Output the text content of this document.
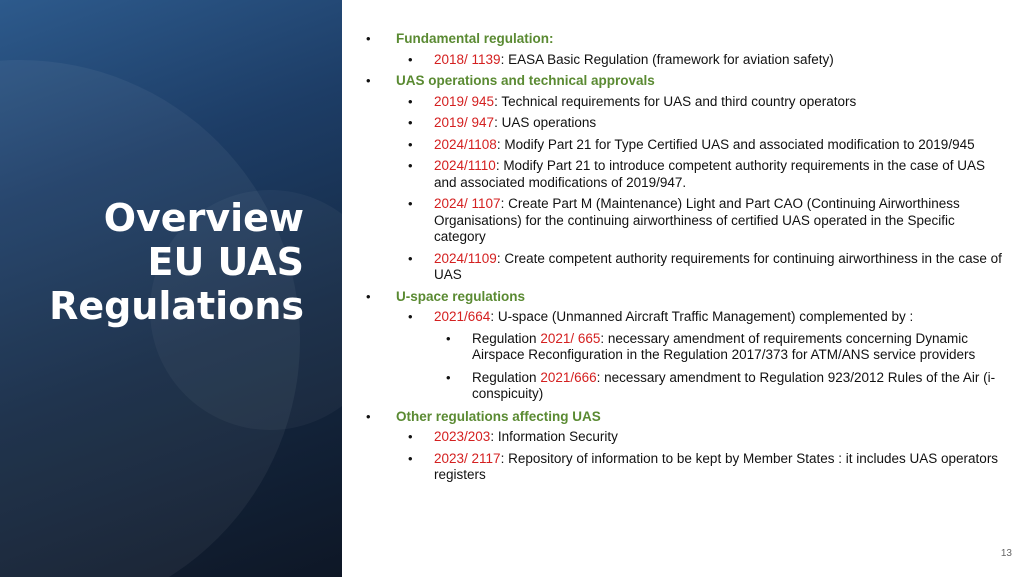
Overview
EU UAS
Regulations
• Fundamental regulation:
• 2018/ 1139: EASA Basic Regulation (framework for aviation safety)
• UAS operations and technical approvals
• 2019/ 945: Technical requirements for UAS and third country operators
• 2019/ 947: UAS operations
• 2024/1108: Modify Part 21 for Type Certified UAS and associated modification to 2019/945
• 2024/1110: Modify Part 21 to introduce competent authority requirements in the case of UAS and associated modifications of 2019/947.
• 2024/ 1107: Create Part M (Maintenance) Light and Part CAO (Continuing Airworthiness Organisations) for the continuing airworthiness of certified UAS operated in the Specific category
• 2024/1109: Create competent authority requirements for continuing airworthiness in the case of UAS
• U-space regulations
• 2021/664: U-space (Unmanned Aircraft Traffic Management) complemented by :
• Regulation 2021/ 665: necessary amendment of requirements concerning Dynamic Airspace Reconfiguration in the Regulation 2017/373 for ATM/ANS service providers
• Regulation 2021/666: necessary amendment to Regulation 923/2012 Rules of the Air (i-conspicuity)
• Other regulations affecting UAS
• 2023/203: Information Security
• 2023/ 2117: Repository of information to be kept by Member States : it includes UAS operators registers
13
